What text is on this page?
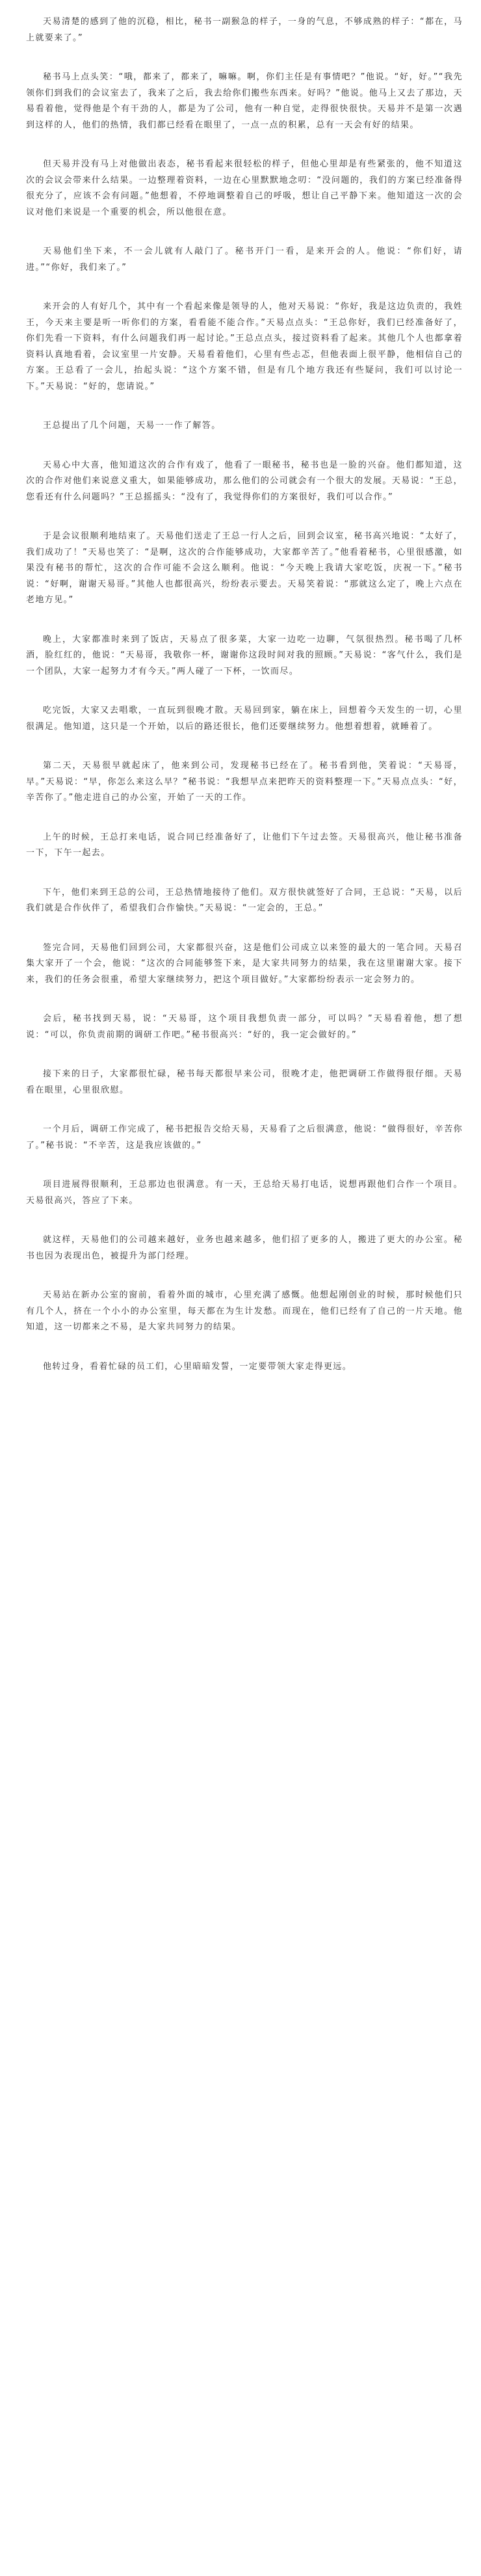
天易清楚的感到了他的沉稳，相比，秘书一副猴急的样子，一身的气息，不够成熟的样子：“都在，马上就要来了。”

秘书马上点头笑：“哦，都来了，都来了，嘛嘛。啊，你们主任是有事情吧？”他说。“好，好。”“我先领你们到我们的会议室去了，我来了之后，我去给你们搬些东西来。好吗？”他说。他马上又去了那边，天易看着他，觉得他是个有干劲的人，都是为了公司，他有一种自觉，走得很快很快。天易并不是第一次遇到这样的人，他们的热情，我们都已经看在眼里了，一点一点的积累，总有一天会有好的结果。

但天易并没有马上对他做出表态，秘书看起来很轻松的样子，但他心里却是有些紧张的，他不知道这次的会议会带来什么结果。一边整理着资料，一边在心里默默地念叨：“没问题的，我们的方案已经准备得很充分了，应该不会有问题。”他想着，不停地调整着自己的呼吸，想让自己平静下来。他知道这一次的会议对他们来说是一个重要的机会，所以他很在意。

天易他们坐下来，不一会儿就有人敲门了。秘书开门一看，是来开会的人。他说：“你们好，请进。”“你好，我们来了。”

来开会的人有好几个，其中有一个看起来像是领导的人，他对天易说：“你好，我是这边负责的，我姓王，今天来主要是听一听你们的方案，看看能不能合作。”天易点点头：“王总你好，我们已经准备好了，你们先看一下资料，有什么问题我们再一起讨论。”王总点点头，接过资料看了起来。其他几个人也都拿着资料认真地看着，会议室里一片安静。天易看着他们，心里有些忐忑，但他表面上很平静，他相信自己的方案。王总看了一会儿，抬起头说：“这个方案不错，但是有几个地方我还有些疑问，我们可以讨论一下。”天易说：“好的，您请说。”

王总提出了几个问题，天易一一作了解答。

天易心中大喜，他知道这次的合作有戏了，他看了一眼秘书，秘书也是一脸的兴奋。他们都知道，这次的合作对他们来说意义重大，如果能够成功，那么他们的公司就会有一个很大的发展。天易说：“王总，您看还有什么问题吗？”王总摇摇头：“没有了，我觉得你们的方案很好，我们可以合作。”

于是会议很顺利地结束了。天易他们送走了王总一行人之后，回到会议室，秘书高兴地说：“太好了，我们成功了！”天易也笑了：“是啊，这次的合作能够成功，大家都辛苦了。”他看着秘书，心里很感激，如果没有秘书的帮忙，这次的合作可能不会这么顺利。他说：“今天晚上我请大家吃饭，庆祝一下。”秘书说：“好啊，谢谢天易哥。”其他人也都很高兴，纷纷表示要去。天易笑着说：“那就这么定了，晚上六点在老地方见。”

晚上，大家都准时来到了饭店，天易点了很多菜，大家一边吃一边聊，气氛很热烈。秘书喝了几杯酒，脸红红的，他说：“天易哥，我敬你一杯，谢谢你这段时间对我的照顾。”天易说：“客气什么，我们是一个团队，大家一起努力才有今天。”两人碰了一下杯，一饮而尽。

吃完饭，大家又去唱歌，一直玩到很晚才散。天易回到家，躺在床上，回想着今天发生的一切，心里很满足。他知道，这只是一个开始，以后的路还很长，他们还要继续努力。他想着想着，就睡着了。

第二天，天易很早就起床了，他来到公司，发现秘书已经在了。秘书看到他，笑着说：“天易哥，早。”天易说：“早，你怎么来这么早？”秘书说：“我想早点来把昨天的资料整理一下。”天易点点头：“好，辛苦你了。”他走进自己的办公室，开始了一天的工作。

上午的时候，王总打来电话，说合同已经准备好了，让他们下午过去签。天易很高兴，他让秘书准备一下，下午一起去。

下午，他们来到王总的公司，王总热情地接待了他们。双方很快就签好了合同，王总说：“天易，以后我们就是合作伙伴了，希望我们合作愉快。”天易说：“一定会的，王总。”

签完合同，天易他们回到公司，大家都很兴奋，这是他们公司成立以来签的最大的一笔合同。天易召集大家开了一个会，他说：“这次的合同能够签下来，是大家共同努力的结果，我在这里谢谢大家。接下来，我们的任务会很重，希望大家继续努力，把这个项目做好。”大家都纷纷表示一定会努力的。

会后，秘书找到天易，说：“天易哥，这个项目我想负责一部分，可以吗？”天易看着他，想了想说：“可以，你负责前期的调研工作吧。”秘书很高兴：“好的，我一定会做好的。”

接下来的日子，大家都很忙碌，秘书每天都很早来公司，很晚才走，他把调研工作做得很仔细。天易看在眼里，心里很欣慰。

一个月后，调研工作完成了，秘书把报告交给天易，天易看了之后很满意，他说：“做得很好，辛苦你了。”秘书说：“不辛苦，这是我应该做的。”

项目进展得很顺利，王总那边也很满意。有一天，王总给天易打电话，说想再跟他们合作一个项目。天易很高兴，答应了下来。

就这样，天易他们的公司越来越好，业务也越来越多，他们招了更多的人，搬进了更大的办公室。秘书也因为表现出色，被提升为部门经理。

天易站在新办公室的窗前，看着外面的城市，心里充满了感慨。他想起刚创业的时候，那时候他们只有几个人，挤在一个小小的办公室里，每天都在为生计发愁。而现在，他们已经有了自己的一片天地。他知道，这一切都来之不易，是大家共同努力的结果。

他转过身，看着忙碌的员工们，心里暗暗发誓，一定要带领大家走得更远。
